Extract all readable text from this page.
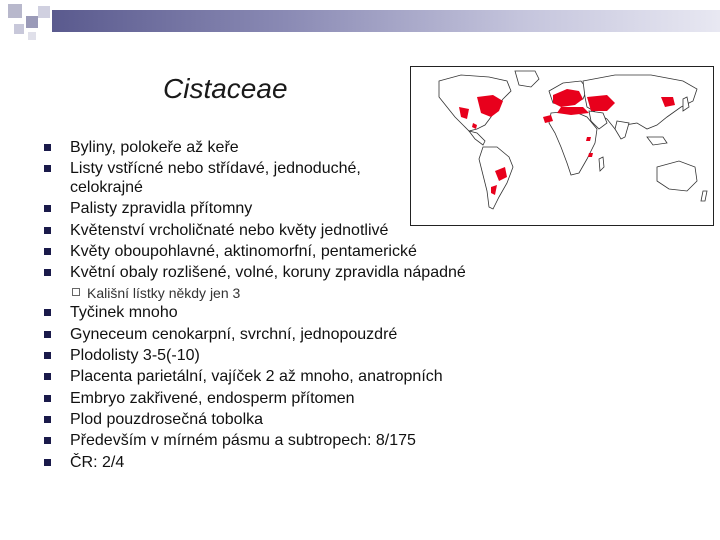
Cistaceae
Byliny, polokeře až keře
Listy vstřícné nebo střídavé, jednoduché, celokrajné
Palisty zpravidla přítomny
Květenství vrcholičnaté nebo květy jednotlivé
Květy oboupohlavné, aktinomorfní, pentamerické
Květní obaly rozlišené, volné, koruny zpravidla nápadné
Kališní lístky někdy jen 3
Tyčinek mnoho
Gyneceum cenokarpní, svrchní, jednopouzdré
Plodolisty 3-5(-10)
Placenta parietální, vajíček 2 až mnoho, anatropních
Embryo zakřivené, endosperm přítomen
Plod pouzdrosečná tobolka
Především v mírném pásmu a subtropech: 8/175
ČR: 2/4
